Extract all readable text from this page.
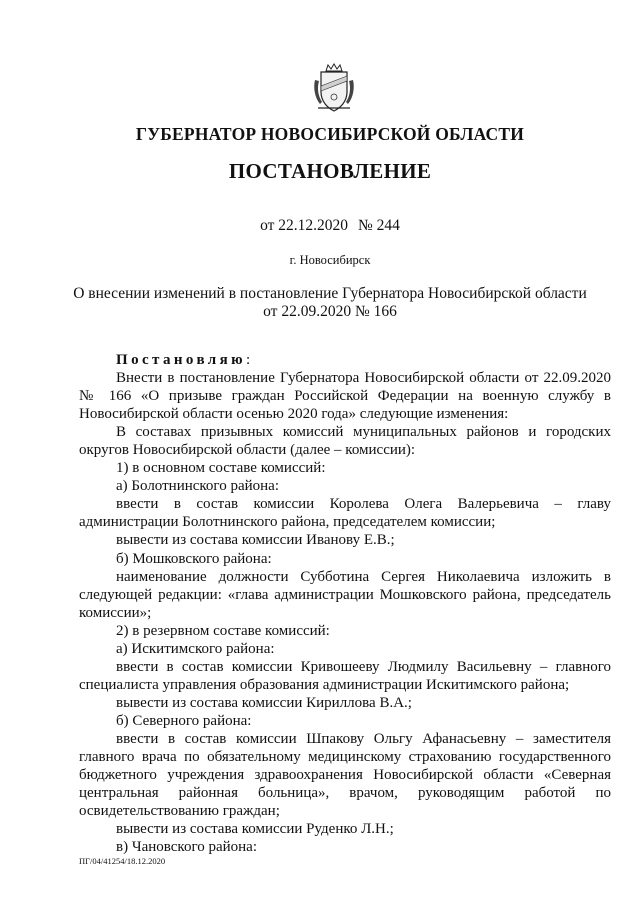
ГУБЕРНАТОР НОВОСИБИРСКОЙ ОБЛАСТИ
ПОСТАНОВЛЕНИЕ
от 22.12.2020 № 244
г. Новосибирск
О внесении изменений в постановление Губернатора Новосибирской области
от 22.09.2020 № 166

Постановляю:

Внести в постановление Губернатора Новосибирской области от 22.09.2020 № 166 «О призыве граждан Российской Федерации на военную службу в Новосибирской области осенью 2020 года» следующие изменения:

В составах призывных комиссий муниципальных районов и городских округов Новосибирской области (далее – комиссии):

1) в основном составе комиссий:

а) Болотнинского района:

ввести в состав комиссии Королева Олега Валерьевича – главу администрации Болотнинского района, председателем комиссии;

вывести из состава комиссии Иванову Е.В.;

б) Мошковского района:

наименование должности Субботина Сергея Николаевича изложить в следующей редакции: «глава администрации Мошковского района, председатель комиссии»;

2) в резервном составе комиссий:

а) Искитимского района:

ввести в состав комиссии Кривошееву Людмилу Васильевну – главного специалиста управления образования администрации Искитимского района;

вывести из состава комиссии Кириллова В.А.;

б) Северного района:

ввести в состав комиссии Шпакову Ольгу Афанасьевну – заместителя главного врача по обязательному медицинскому страхованию государственного бюджетного учреждения здравоохранения Новосибирской области «Северная центральная районная больница», врачом, руководящим работой по освидетельствованию граждан;

вывести из состава комиссии Руденко Л.Н.;

в) Чановского района:

ПГ/04/41254/18.12.2020
